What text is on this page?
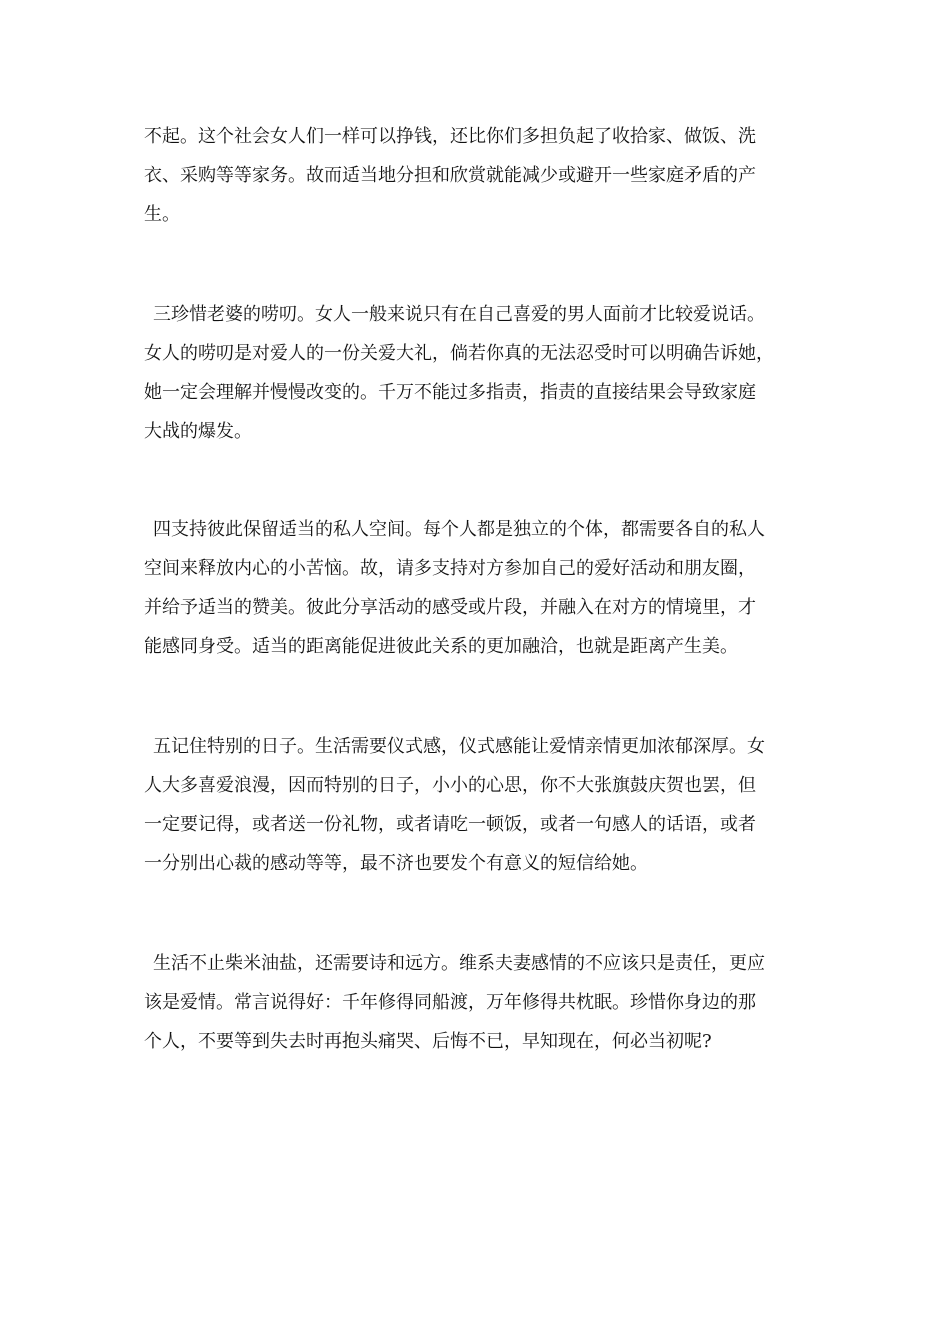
不起。这个社会女人们一样可以挣钱，还比你们多担负起了收拾家、做饭、洗
衣、采购等等家务。故而适当地分担和欣赏就能减少或避开一些家庭矛盾的产
生。

三珍惜老婆的唠叨。女人一般来说只有在自己喜爱的男人面前才比较爱说话。
女人的唠叨是对爱人的一份关爱大礼，倘若你真的无法忍受时可以明确告诉她，
她一定会理解并慢慢改变的。千万不能过多指责，指责的直接结果会导致家庭
大战的爆发。

四支持彼此保留适当的私人空间。每个人都是独立的个体，都需要各自的私人
空间来释放内心的小苦恼。故，请多支持对方参加自己的爱好活动和朋友圈，
并给予适当的赞美。彼此分享活动的感受或片段，并融入在对方的情境里，才
能感同身受。适当的距离能促进彼此关系的更加融洽，也就是距离产生美。

五记住特别的日子。生活需要仪式感，仪式感能让爱情亲情更加浓郁深厚。女
人大多喜爱浪漫，因而特别的日子，小小的心思，你不大张旗鼓庆贺也罢，但
一定要记得，或者送一份礼物，或者请吃一顿饭，或者一句感人的话语，或者
一分别出心裁的感动等等，最不济也要发个有意义的短信给她。

生活不止柴米油盐，还需要诗和远方。维系夫妻感情的不应该只是责任，更应
该是爱情。常言说得好：千年修得同船渡，万年修得共枕眠。珍惜你身边的那
个人，不要等到失去时再抱头痛哭、后悔不已，早知现在，何必当初呢?
